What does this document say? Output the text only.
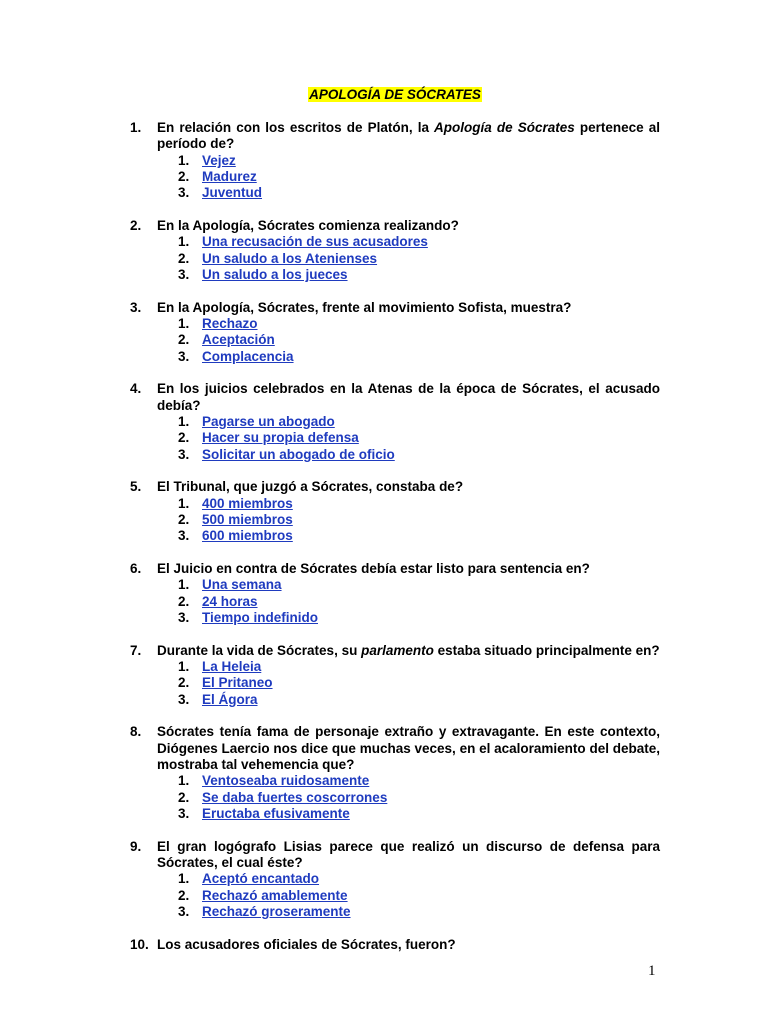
APOLOGÍA DE SÓCRATES
1. En relación con los escritos de Platón, la Apología de Sócrates pertenece al período de?
1. Vejez
2. Madurez
3. Juventud
2. En la Apología, Sócrates comienza realizando?
1. Una recusación de sus acusadores
2. Un saludo a los Atenienses
3. Un saludo a los jueces
3. En la Apología, Sócrates, frente al movimiento Sofista, muestra?
1. Rechazo
2. Aceptación
3. Complacencia
4. En los juicios celebrados en la Atenas de la época de Sócrates, el acusado debía?
1. Pagarse un abogado
2. Hacer su propia defensa
3. Solicitar un abogado de oficio
5. El Tribunal, que juzgó a Sócrates, constaba de?
1. 400 miembros
2. 500 miembros
3. 600 miembros
6. El Juicio en contra de Sócrates debía estar listo para sentencia en?
1. Una semana
2. 24 horas
3. Tiempo indefinido
7. Durante la vida de Sócrates, su parlamento estaba situado principalmente en?
1. La Heleia
2. El Pritaneo
3. El Ágora
8. Sócrates tenía fama de personaje extraño y extravagante. En este contexto, Diógenes Laercio nos dice que muchas veces, en el acaloramiento del debate, mostraba tal vehemencia que?
1. Ventoseaba ruidosamente
2. Se daba fuertes coscorrones
3. Eructaba efusivamente
9. El gran logógrafo Lisias parece que realizó un discurso de defensa para Sócrates, el cual éste?
1. Aceptó encantado
2. Rechazó amablemente
3. Rechazó groseramente
10. Los acusadores oficiales de Sócrates, fueron?
1
